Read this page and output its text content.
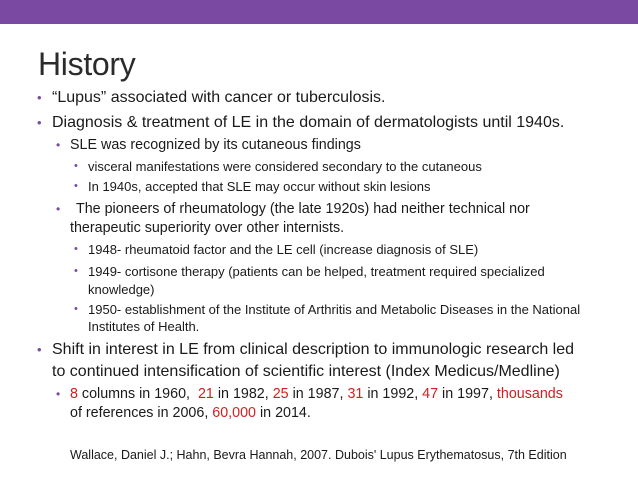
History
• “Lupus” associated with cancer or tuberculosis.
• Diagnosis & treatment of LE in the domain of dermatologists until 1940s.
• SLE was recognized by its cutaneous findings
• visceral manifestations were considered secondary to the cutaneous
• In 1940s, accepted that SLE may occur without skin lesions
• The pioneers of rheumatology (the late 1920s) had neither technical nor
therapeutic superiority over other internists.
• 1948- rheumatoid factor and the LE cell (increase diagnosis of SLE)
• 1949- cortisone therapy (patients can be helped, treatment required specialized
knowledge)
• 1950- establishment of the Institute of Arthritis and Metabolic Diseases in the National
Institutes of Health.
• Shift in interest in LE from clinical description to immunologic research led
to continued intensification of scientific interest (Index Medicus/Medline)
• 8 columns in 1960,  21 in 1982, 25 in 1987, 31 in 1992, 47 in 1997, thousands
of references in 2006, 60,000 in 2014.
Wallace, Daniel J.; Hahn, Bevra Hannah, 2007. Dubois' Lupus Erythematosus, 7th Edition
